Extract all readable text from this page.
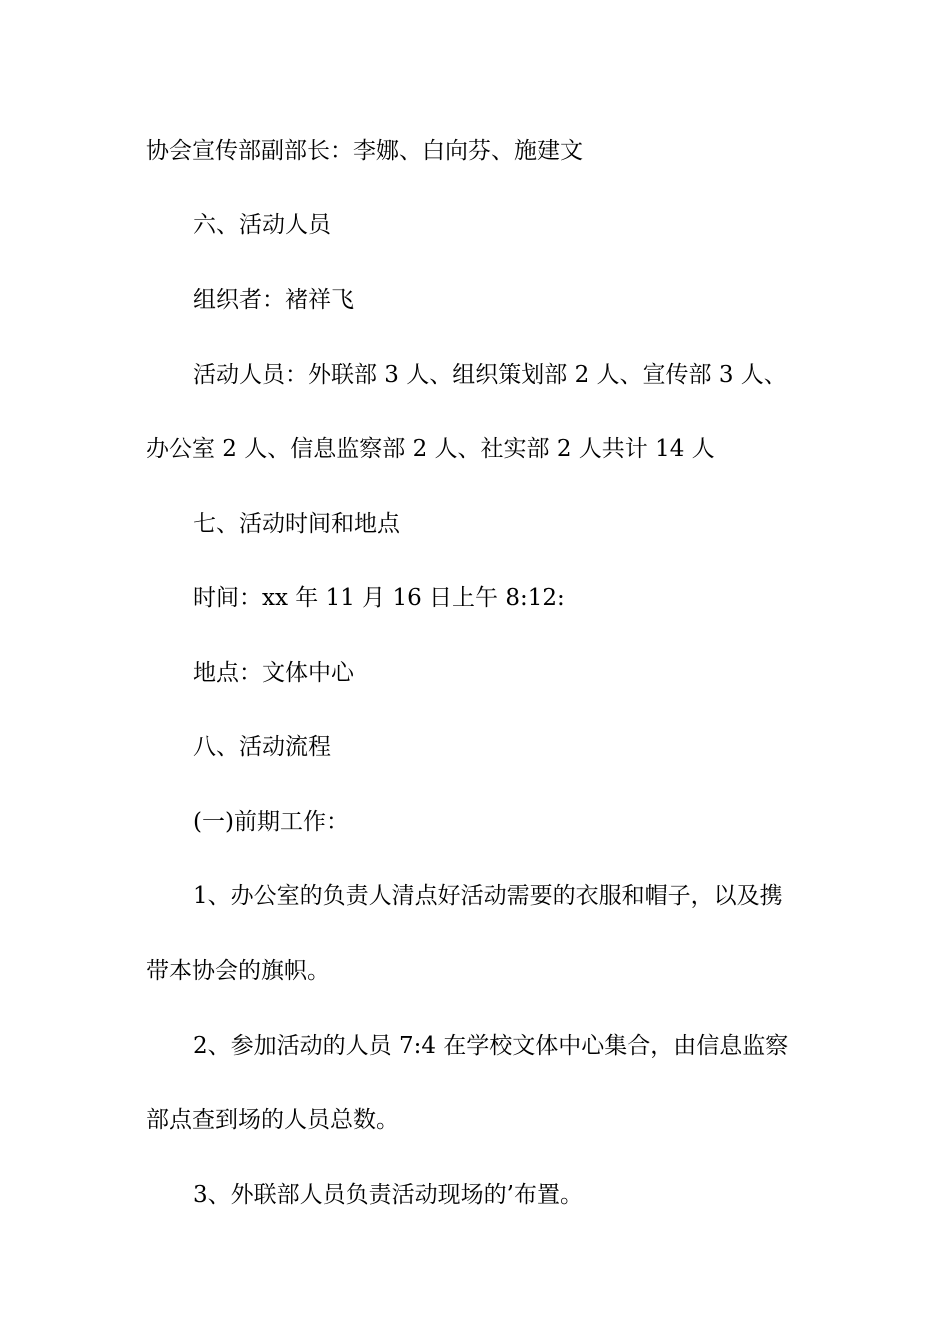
协会宣传部副部长：李娜、白向芬、施建文
六、活动人员
组织者：褚祥飞
活动人员：外联部 3 人、组织策划部 2 人、宣传部 3 人、
办公室 2 人、信息监察部 2 人、社实部 2 人共计 14 人
七、活动时间和地点
时间：xx 年 11 月 16 日上午 8:12:
地点：文体中心
八、活动流程
(一)前期工作：
1、办公室的负责人清点好活动需要的衣服和帽子，以及携
带本协会的旗帜。
2、参加活动的人员 7:4 在学校文体中心集合，由信息监察
部点查到场的人员总数。
3、外联部人员负责活动现场的’布置。
